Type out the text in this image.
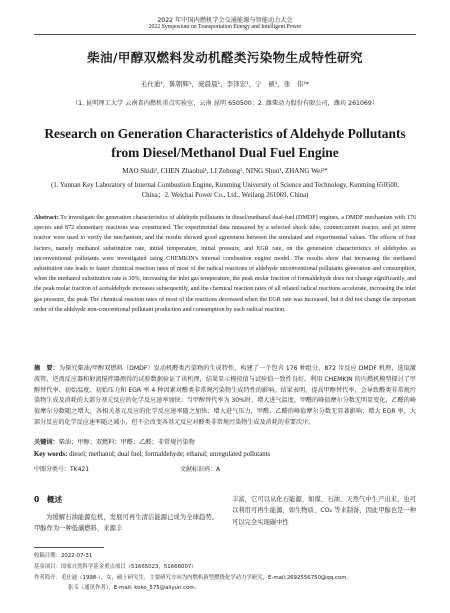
2022 年中国内燃机学会交通能源与智能动力大会
2022 Symposium on Transportation Energy and Intelligent Power
柴油/甲醇双燃料发动机醛类污染物生成特性研究
毛仕迪¹，陈朝辉¹，庞晨晨¹，李泽宏¹，宁　硕¹，张　伟²*
（1. 昆明理工大学 云南省内燃机重点实验室，云南 昆明 650500；2. 潍柴动力股份有限公司，潍坊 261069）
Research on Generation Characteristics of Aldehyde Pollutants from Diesel/Methanol Dual Fuel Engine
MAO Shidi¹, CHEN Zhaohui¹, LI Zehong¹, NING Shuo¹, ZHANG Wei²*
(1. Yunnan Key Laboratory of Internal Combustion Engine, Kunming University of Science and Technology, Kunming 650500, China；2. Weichai Power Co., Ltd., Weifang 261069, China)
Abstract: To investigate the generation characteristics of aldehyde pollutants in diesel/methanol dual-fuel (DMDF) engines, a DMDF mechanism with 176 species and 872 elementary reactions was constructed. The experimental data measured by a selected shock tube, countercurrent reactor, and jet stirrer reactor were used to verify the mechanism, and the results showed good agreement between the simulated and experimental values. The effects of four factors, namely methanol substitution rate, initial temperature, initial pressure, and EGR rate, on the generation characteristics of aldehydes as unconventional pollutants were investigated using CHEMKIN's internal combustion engine model. The results show that increasing the methanol substitution rate leads to faster chemical reaction rates of most of the radical reactions of aldehyde unconventional pollutants generation and consumption, when the methanol substitution rate is 30%, increasing the inlet gas temperature, the peak molar fraction of formaldehyde does not change significantly, and the peak molar fraction of acetaldehyde increases subsequently, and the chemical reaction rates of all related radical reactions accelerate, increasing the inlet gas pressure, the peak The chemical reaction rates of most of the reactions decreased when the EGR rate was increased, but it did not change the important order of the aldehyde non-conventional pollutant production and consumption by each radical reaction.
摘　要：为探究柴油/甲醇双燃料（DMDF）发动机醛类污染物的生成特性，构建了一个包含 176 种组分、872 步反应 DMDF 机理，选取激波管、逆流反应器和射流搅拌器测得的试验数据验证了该机理，结果显示模拟值与试验值一致性良好。利用 CHEMKIN 的内燃机模型探讨了甲醇替代率、初始温度、初始压力和 EGR 率 4 种因素对醛类非常规污染物生成特性的影响。结果表明，提高甲醇替代率，会导致醛类非常规污染物生成及消耗的大部分基元反应的化学反应速率加快；当甲醇替代率为 30%时，增大进气温度，甲醛的峰值摩尔分数无明显变化，乙醛的峰值摩尔分数随之增大，各相关基元反应的化学反应速率随之加快；增大进气压力，甲醛、乙醛的峰值摩尔分数无显著影响；增大 EGR 率，大部分反应的化学反应速率随之减小，但不会改变各基元反应对醛类非常规污染物生成及消耗的重要次序。
关键词：柴油；甲醇；双燃料；甲醛；乙醛；非常规污染物
Key words: diesel; methanol; dual fuel; formaldehyde; ethanal; unregulated pollutants
中图分类号：TK421	文献标识码：A
0　概述
为缓解石油能源危机，发展可再生清洁能源已成为全球趋势。甲醇作为一种低碳燃料，来源丰
丰富，它可以从化石能源、如煤、石油、天然气中生产出来，也可以利用可再生能源，如生物质、CO₂ 等来制备，因此甲醇也是一种可以完全实现碳中性
收稿日期：2022-07-31
基金项目：国家自然科学基金重点项目（51665023，51666007）
作者简介：毛仕迪（1998-），女，硕士研究生，主要研究方向为内燃机新型燃烧化学动力学研究，E-mail:2692556750@qq.com。
张韦（通讯作者），E-mail: koko_575@aliyun.com。
